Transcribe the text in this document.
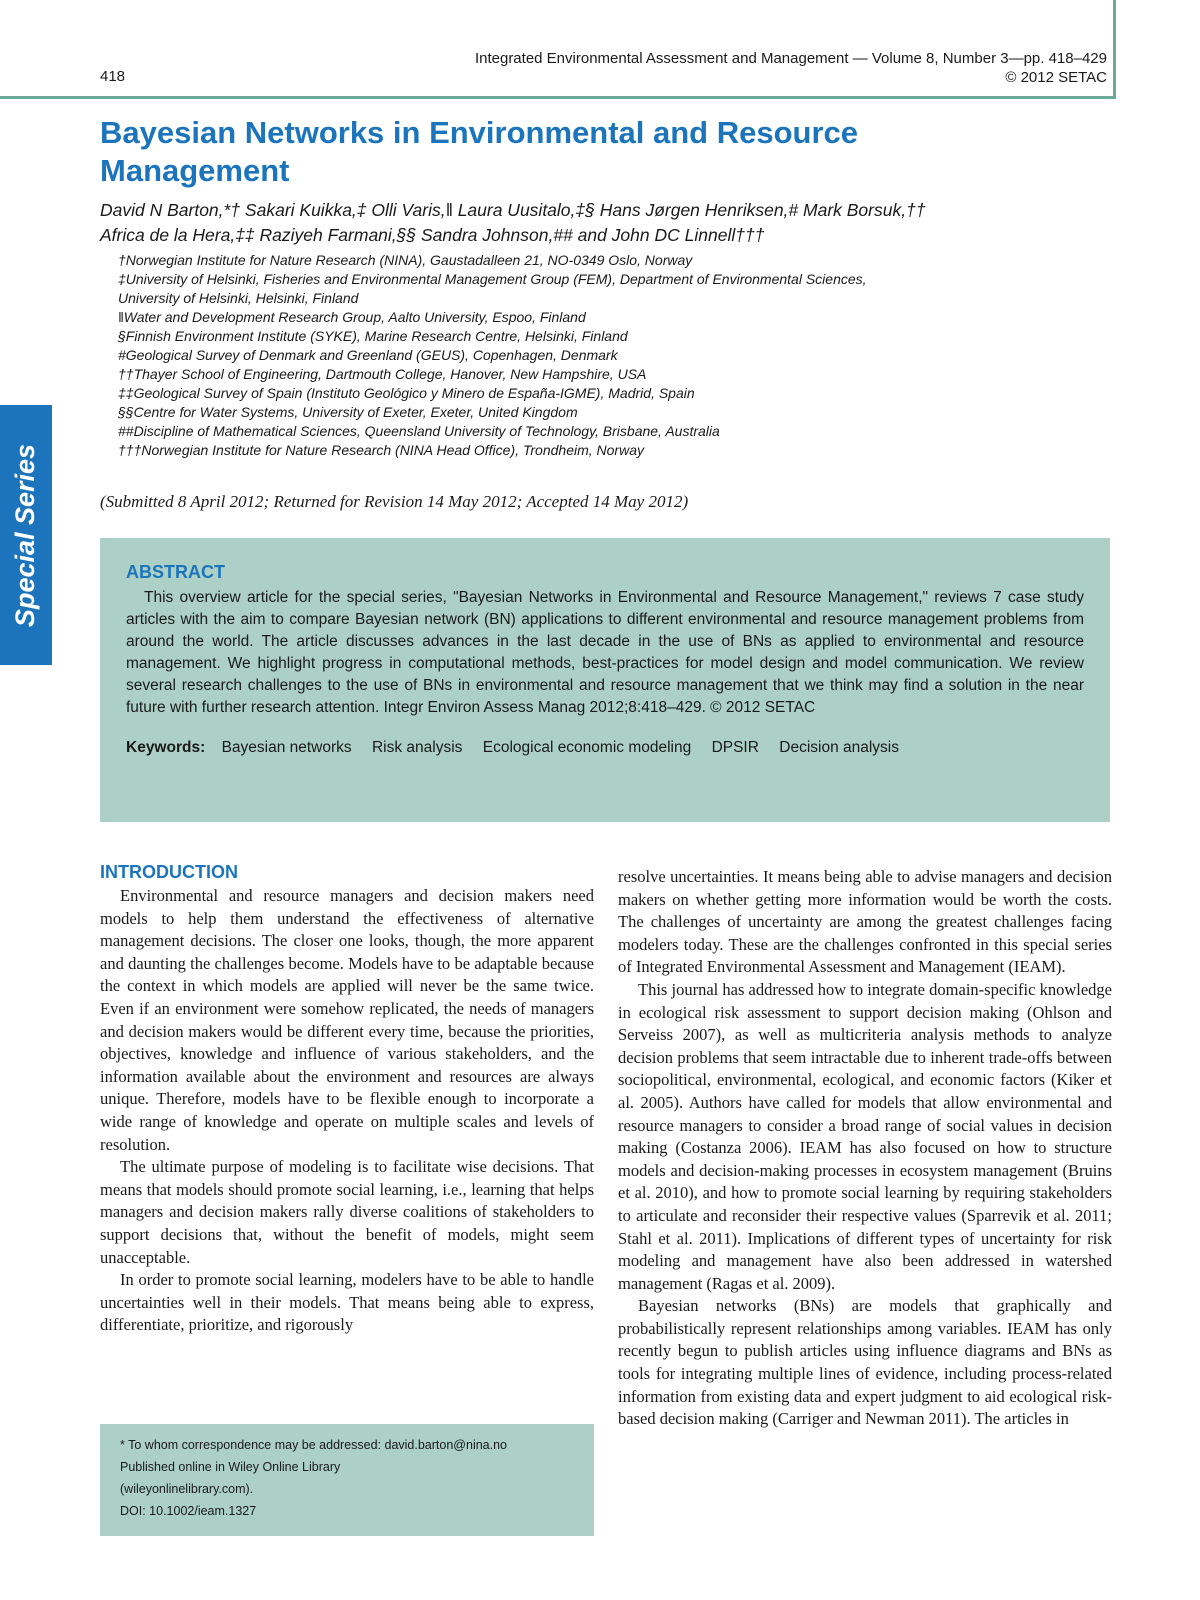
Integrated Environmental Assessment and Management — Volume 8, Number 3—pp. 418–429
© 2012 SETAC
418
Special Series
Bayesian Networks in Environmental and Resource Management
David N Barton,*† Sakari Kuikka,‡ Olli Varis,‖ Laura Uusitalo,‡§ Hans Jørgen Henriksen,# Mark Borsuk,††
Africa de la Hera,‡‡ Raziyeh Farmani,§§ Sandra Johnson,## and John DC Linnell†††
†Norwegian Institute for Nature Research (NINA), Gaustadalleen 21, NO-0349 Oslo, Norway
‡University of Helsinki, Fisheries and Environmental Management Group (FEM), Department of Environmental Sciences,
University of Helsinki, Helsinki, Finland
‖Water and Development Research Group, Aalto University, Espoo, Finland
§Finnish Environment Institute (SYKE), Marine Research Centre, Helsinki, Finland
#Geological Survey of Denmark and Greenland (GEUS), Copenhagen, Denmark
††Thayer School of Engineering, Dartmouth College, Hanover, New Hampshire, USA
‡‡Geological Survey of Spain (Instituto Geológico y Minero de España-IGME), Madrid, Spain
§§Centre for Water Systems, University of Exeter, Exeter, United Kingdom
##Discipline of Mathematical Sciences, Queensland University of Technology, Brisbane, Australia
†††Norwegian Institute for Nature Research (NINA Head Office), Trondheim, Norway
(Submitted 8 April 2012; Returned for Revision 14 May 2012; Accepted 14 May 2012)
ABSTRACT

This overview article for the special series, "Bayesian Networks in Environmental and Resource Management," reviews 7 case study articles with the aim to compare Bayesian network (BN) applications to different environmental and resource management problems from around the world. The article discusses advances in the last decade in the use of BNs as applied to environmental and resource management. We highlight progress in computational methods, best-practices for model design and model communication. We review several research challenges to the use of BNs in environmental and resource management that we think may find a solution in the near future with further research attention. Integr Environ Assess Manag 2012;8:418–429. © 2012 SETAC

Keywords: Bayesian networks Risk analysis Ecological economic modeling DPSIR Decision analysis
INTRODUCTION

Environmental and resource managers and decision makers need models to help them understand the effectiveness of alternative management decisions. The closer one looks, though, the more apparent and daunting the challenges become. Models have to be adaptable because the context in which models are applied will never be the same twice. Even if an environment were somehow replicated, the needs of managers and decision makers would be different every time, because the priorities, objectives, knowledge and influence of various stakeholders, and the information available about the environment and resources are always unique. Therefore, models have to be flexible enough to incorporate a wide range of knowledge and operate on multiple scales and levels of resolution.

The ultimate purpose of modeling is to facilitate wise decisions. That means that models should promote social learning, i.e., learning that helps managers and decision makers rally diverse coalitions of stakeholders to support decisions that, without the benefit of models, might seem unacceptable.

In order to promote social learning, modelers have to be able to handle uncertainties well in their models. That means being able to express, differentiate, prioritize, and rigorously

resolve uncertainties. It means being able to advise managers and decision makers on whether getting more information would be worth the costs. The challenges of uncertainty are among the greatest challenges facing modelers today. These are the challenges confronted in this special series of Integrated Environmental Assessment and Management (IEAM).

This journal has addressed how to integrate domain-specific knowledge in ecological risk assessment to support decision making (Ohlson and Serveiss 2007), as well as multicriteria analysis methods to analyze decision problems that seem intractable due to inherent trade-offs between sociopolitical, environmental, ecological, and economic factors (Kiker et al. 2005). Authors have called for models that allow environmental and resource managers to consider a broad range of social values in decision making (Costanza 2006). IEAM has also focused on how to structure models and decision-making processes in ecosystem management (Bruins et al. 2010), and how to promote social learning by requiring stakeholders to articulate and reconsider their respective values (Sparrevik et al. 2011; Stahl et al. 2011). Implications of different types of uncertainty for risk modeling and management have also been addressed in watershed management (Ragas et al. 2009).

Bayesian networks (BNs) are models that graphically and probabilistically represent relationships among variables. IEAM has only recently begun to publish articles using influence diagrams and BNs as tools for integrating multiple lines of evidence, including process-related information from existing data and expert judgment to aid ecological risk-based decision making (Carriger and Newman 2011). The articles in

* To whom correspondence may be addressed: david.barton@nina.no
Published online in Wiley Online Library
(wileyonlinelibrary.com).
DOI: 10.1002/ieam.1327
